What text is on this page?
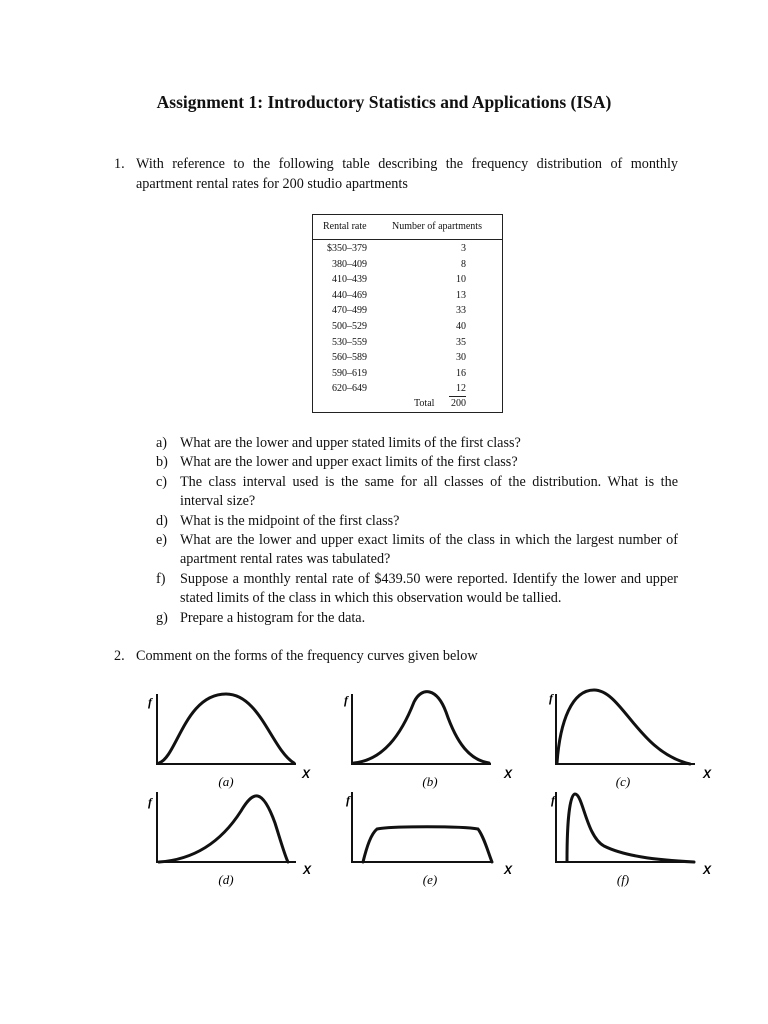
Assignment 1: Introductory Statistics and Applications (ISA)
1. With reference to the following table describing the frequency distribution of monthly apartment rental rates for 200 studio apartments
Rental rate	Number of apartments
$350–379	3
380–409	8
410–439	10
440–469	13
470–499	33
500–529	40
530–559	35
560–589	30
590–619	16
620–649	12
Total 200
a) What are the lower and upper stated limits of the first class?
b) What are the lower and upper exact limits of the first class?
c) The class interval used is the same for all classes of the distribution. What is the interval size?
d) What is the midpoint of the first class?
e) What are the lower and upper exact limits of the class in which the largest number of apartment rental rates was tabulated?
f) Suppose a monthly rental rate of $439.50 were reported. Identify the lower and upper stated limits of the class in which this observation would be tallied.
g) Prepare a histogram for the data.
2. Comment on the forms of the frequency curves given below
f
X
(a)
f
X
(b)
f
X
(c)
f
X
(d)
f
X
(e)
f
X
(f)
